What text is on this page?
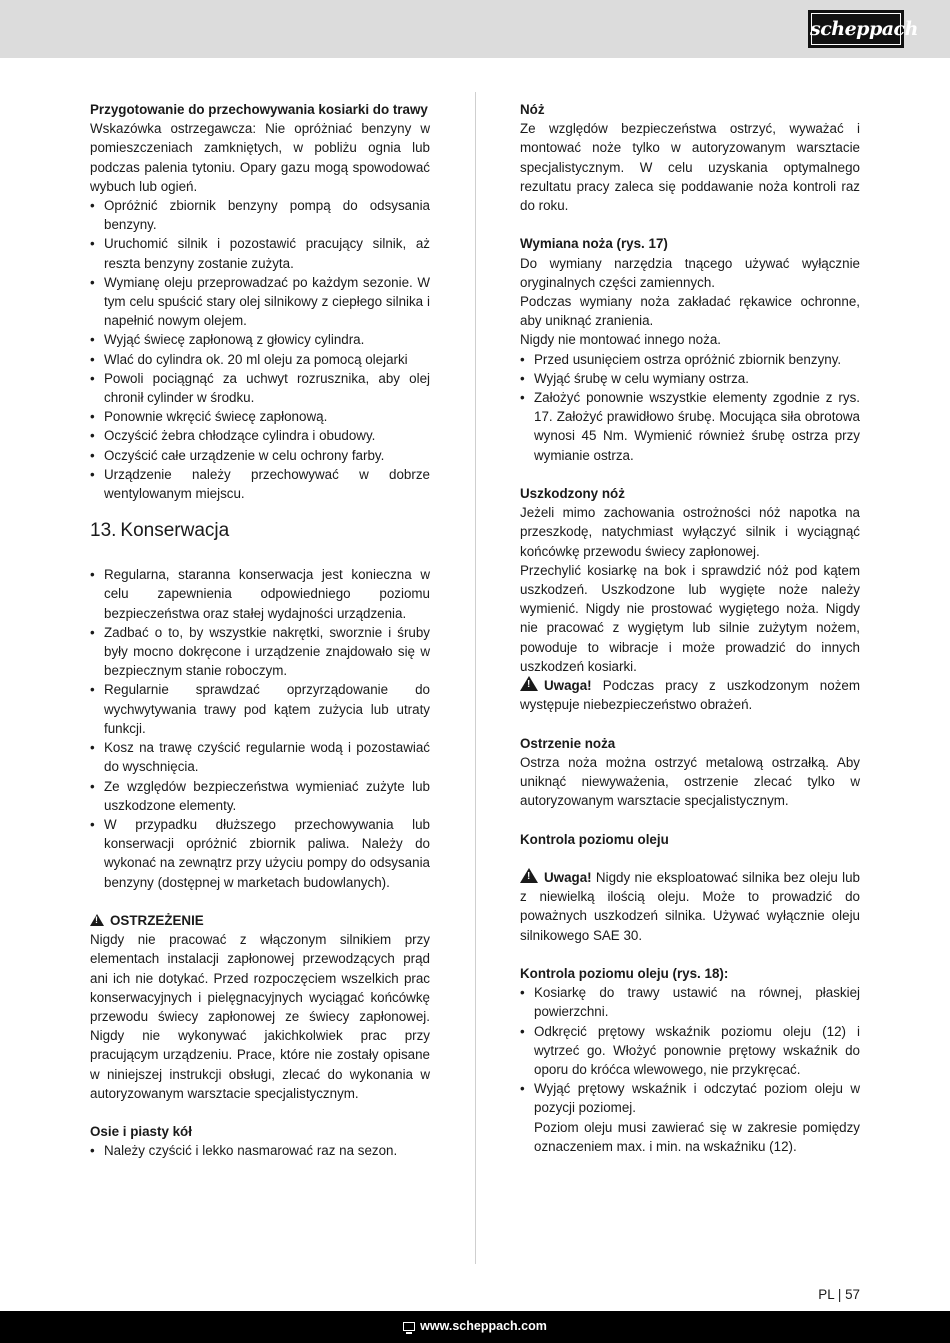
scheppach

Przygotowanie do przechowywania kosiarki do trawy

Wskazówka ostrzegawcza: Nie opróżniać benzyny w pomieszczeniach zamkniętych, w pobliżu ognia lub podczas palenia tytoniu. Opary gazu mogą spowodować wybuch lub ogień.

• Opróżnić zbiornik benzyny pompą do odsysania benzyny.
• Uruchomić silnik i pozostawić pracujący silnik, aż reszta benzyny zostanie zużyta.
• Wymianę oleju przeprowadzać po każdym sezonie. W tym celu spuścić stary olej silnikowy z ciepłego silnika i napełnić nowym olejem.
• Wyjąć świecę zapłonową z głowicy cylindra.
• Wlać do cylindra ok. 20 ml oleju za pomocą olejarki
• Powoli pociągnąć za uchwyt rozrusznika, aby olej chronił cylinder w środku.
• Ponownie wkręcić świecę zapłonową.
• Oczyścić żebra chłodzące cylindra i obudowy.
• Oczyścić całe urządzenie w celu ochrony farby.
• Urządzenie należy przechowywać w dobrze wentylowanym miejscu.
13. Konserwacja
• Regularna, staranna konserwacja jest konieczna w celu zapewnienia odpowiedniego poziomu bezpieczeństwa oraz stałej wydajności urządzenia.
• Zadbać o to, by wszystkie nakrętki, sworznie i śruby były mocno dokręcone i urządzenie znajdowało się w bezpiecznym stanie roboczym.
• Regularnie sprawdzać oprzyrządowanie do wychwytywania trawy pod kątem zużycia lub utraty funkcji.
• Kosz na trawę czyścić regularnie wodą i pozostawiać do wyschnięcia.
• Ze względów bezpieczeństwa wymieniać zużyte lub uszkodzone elementy.
• W przypadku dłuższego przechowywania lub konserwacji opróżnić zbiornik paliwa. Należy do wykonać na zewnątrz przy użyciu pompy do odsysania benzyny (dostępnej w marketach budowlanych).

!OSTRZEŻENIE

Nigdy nie pracować z włączonym silnikiem przy elementach instalacji zapłonowej przewodzących prąd ani ich nie dotykać. Przed rozpoczęciem wszelkich prac konserwacyjnych i pielęgnacyjnych wyciągać końcówkę przewodu świecy zapłonowej ze świecy zapłonowej. Nigdy nie wykonywać jakichkolwiek prac przy pracującym urządzeniu. Prace, które nie zostały opisane w niniejszej instrukcji obsługi, zlecać do wykonania w autoryzowanym warsztacie specjalistycznym.

Osie i piasty kół

• Należy czyścić i lekko nasmarować raz na sezon.

Nóż

Ze względów bezpieczeństwa ostrzyć, wyważać i montować noże tylko w autoryzowanym warsztacie specjalistycznym. W celu uzyskania optymalnego rezultatu pracy zaleca się poddawanie noża kontroli raz do roku.

Wymiana noża (rys. 17)

Do wymiany narzędzia tnącego używać wyłącznie oryginalnych części zamiennych.

Podczas wymiany noża zakładać rękawice ochronne, aby uniknąć zranienia.

Nigdy nie montować innego noża.

• Przed usunięciem ostrza opróżnić zbiornik benzyny.
• Wyjąć śrubę w celu wymiany ostrza.
• Założyć ponownie wszystkie elementy zgodnie z rys. 17. Założyć prawidłowo śrubę. Mocująca siła obrotowa wynosi 45 Nm. Wymienić również śrubę ostrza przy wymianie ostrza.

Uszkodzony nóż

Jeżeli mimo zachowania ostrożności nóż napotka na przeszkodę, natychmiast wyłączyć silnik i wyciągnąć końcówkę przewodu świecy zapłonowej.

Przechylić kosiarkę na bok i sprawdzić nóż pod kątem uszkodzeń. Uszkodzone lub wygięte noże należy wymienić. Nigdy nie prostować wygiętego noża. Nigdy nie pracować z wygiętym lub silnie zużytym nożem, powoduje to wibracje i może prowadzić do innych uszkodzeń kosiarki.

!Uwaga! Podczas pracy z uszkodzonym nożem występuje niebezpieczeństwo obrażeń.

Ostrzenie noża

Ostrza noża można ostrzyć metalową ostrzałką. Aby uniknąć niewyważenia, ostrzenie zlecać tylko w autoryzowanym warsztacie specjalistycznym.

Kontrola poziomu oleju

!Uwaga! Nigdy nie eksploatować silnika bez oleju lub z niewielką ilością oleju. Może to prowadzić do poważnych uszkodzeń silnika. Używać wyłącznie oleju silnikowego SAE 30.

Kontrola poziomu oleju (rys. 18):

• Kosiarkę do trawy ustawić na równej, płaskiej powierzchni.
• Odkręcić prętowy wskaźnik poziomu oleju (12) i wytrzeć go. Włożyć ponownie prętowy wskaźnik do oporu do króćca wlewowego, nie przykręcać.
• Wyjąć prętowy wskaźnik i odczytać poziom oleju w pozycji poziomej.

Poziom oleju musi zawierać się w zakresie pomiędzy oznaczeniem max. i min. na wskaźniku (12).

PL | 57
www.scheppach.com
